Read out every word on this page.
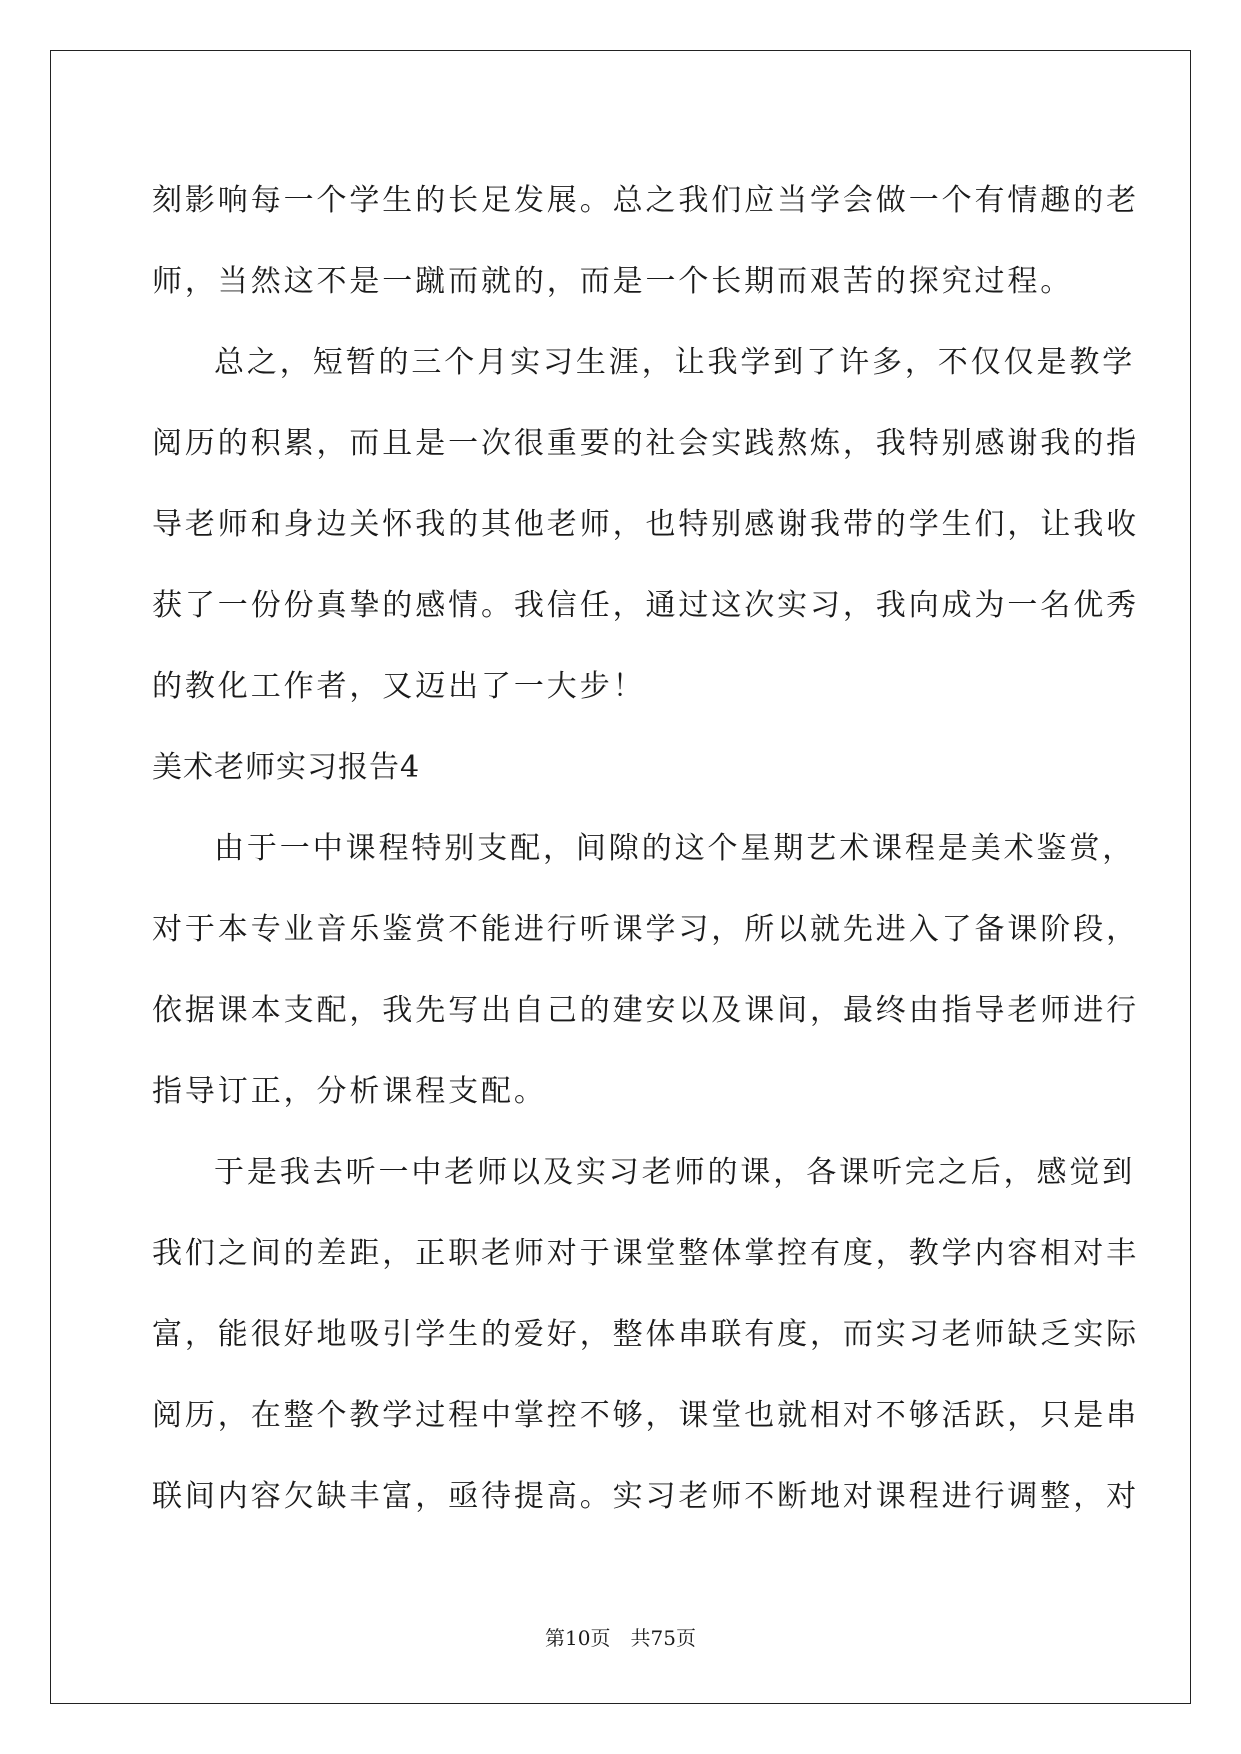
刻影响每一个学生的长足发展。总之我们应当学会做一个有情趣的老
师，当然这不是一蹴而就的，而是一个长期而艰苦的探究过程。
总之，短暂的三个月实习生涯，让我学到了许多，不仅仅是教学
阅历的积累，而且是一次很重要的社会实践熬炼，我特别感谢我的指
导老师和身边关怀我的其他老师，也特别感谢我带的学生们，让我收
获了一份份真挚的感情。我信任，通过这次实习，我向成为一名优秀
的教化工作者，又迈出了一大步！
美术老师实习报告4
由于一中课程特别支配，间隙的这个星期艺术课程是美术鉴赏，
对于本专业音乐鉴赏不能进行听课学习，所以就先进入了备课阶段，
依据课本支配，我先写出自己的建安以及课间，最终由指导老师进行
指导订正，分析课程支配。
于是我去听一中老师以及实习老师的课，各课听完之后，感觉到
我们之间的差距，正职老师对于课堂整体掌控有度，教学内容相对丰
富，能很好地吸引学生的爱好，整体串联有度，而实习老师缺乏实际
阅历，在整个教学过程中掌控不够，课堂也就相对不够活跃，只是串
联间内容欠缺丰富，亟待提高。实习老师不断地对课程进行调整，对
第10页 共75页
